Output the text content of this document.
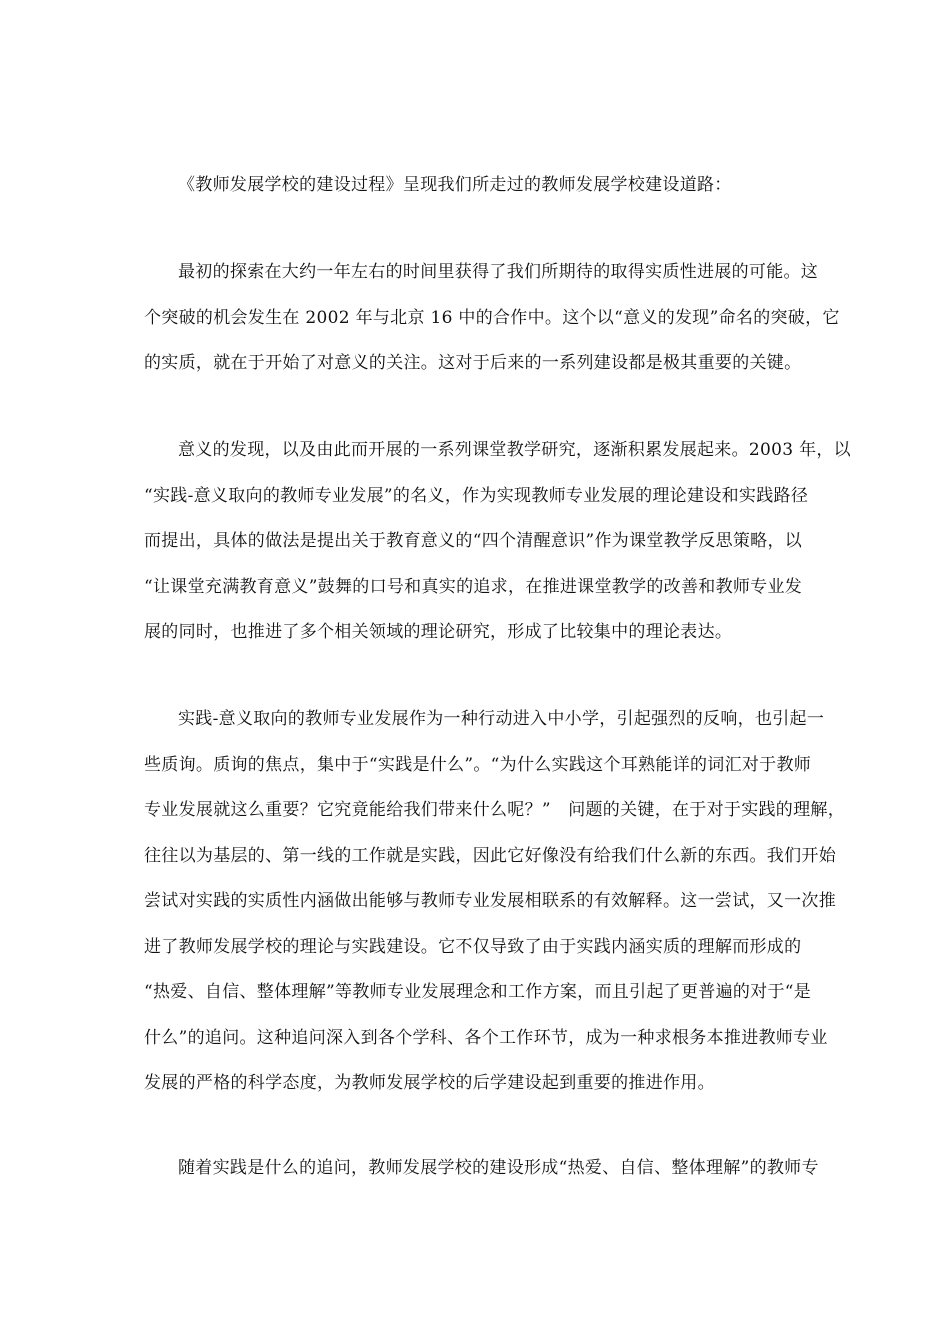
《教师发展学校的建设过程》呈现我们所走过的教师发展学校建设道路：
最初的探索在大约一年左右的时间里获得了我们所期待的取得实质性进展的可能。这
个突破的机会发生在 2002 年与北京 16 中的合作中。这个以“意义的发现”命名的突破，它
的实质，就在于开始了对意义的关注。这对于后来的一系列建设都是极其重要的关键。
意义的发现，以及由此而开展的一系列课堂教学研究，逐渐积累发展起来。2003 年，以
“实践-意义取向的教师专业发展”的名义，作为实现教师专业发展的理论建设和实践路径
而提出，具体的做法是提出关于教育意义的“四个清醒意识”作为课堂教学反思策略，以
“让课堂充满教育意义”鼓舞的口号和真实的追求，在推进课堂教学的改善和教师专业发
展的同时，也推进了多个相关领域的理论研究，形成了比较集中的理论表达。
实践-意义取向的教师专业发展作为一种行动进入中小学，引起强烈的反响，也引起一
些质询。质询的焦点，集中于“实践是什么”。“为什么实践这个耳熟能详的词汇对于教师
专业发展就这么重要？它究竟能给我们带来什么呢？”　问题的关键，在于对于实践的理解，
往往以为基层的、第一线的工作就是实践，因此它好像没有给我们什么新的东西。我们开始
尝试对实践的实质性内涵做出能够与教师专业发展相联系的有效解释。这一尝试，又一次推
进了教师发展学校的理论与实践建设。它不仅导致了由于实践内涵实质的理解而形成的
“热爱、自信、整体理解”等教师专业发展理念和工作方案，而且引起了更普遍的对于“是
什么”的追问。这种追问深入到各个学科、各个工作环节，成为一种求根务本推进教师专业
发展的严格的科学态度，为教师发展学校的后学建设起到重要的推进作用。
随着实践是什么的追问，教师发展学校的建设形成“热爱、自信、整体理解”的教师专
